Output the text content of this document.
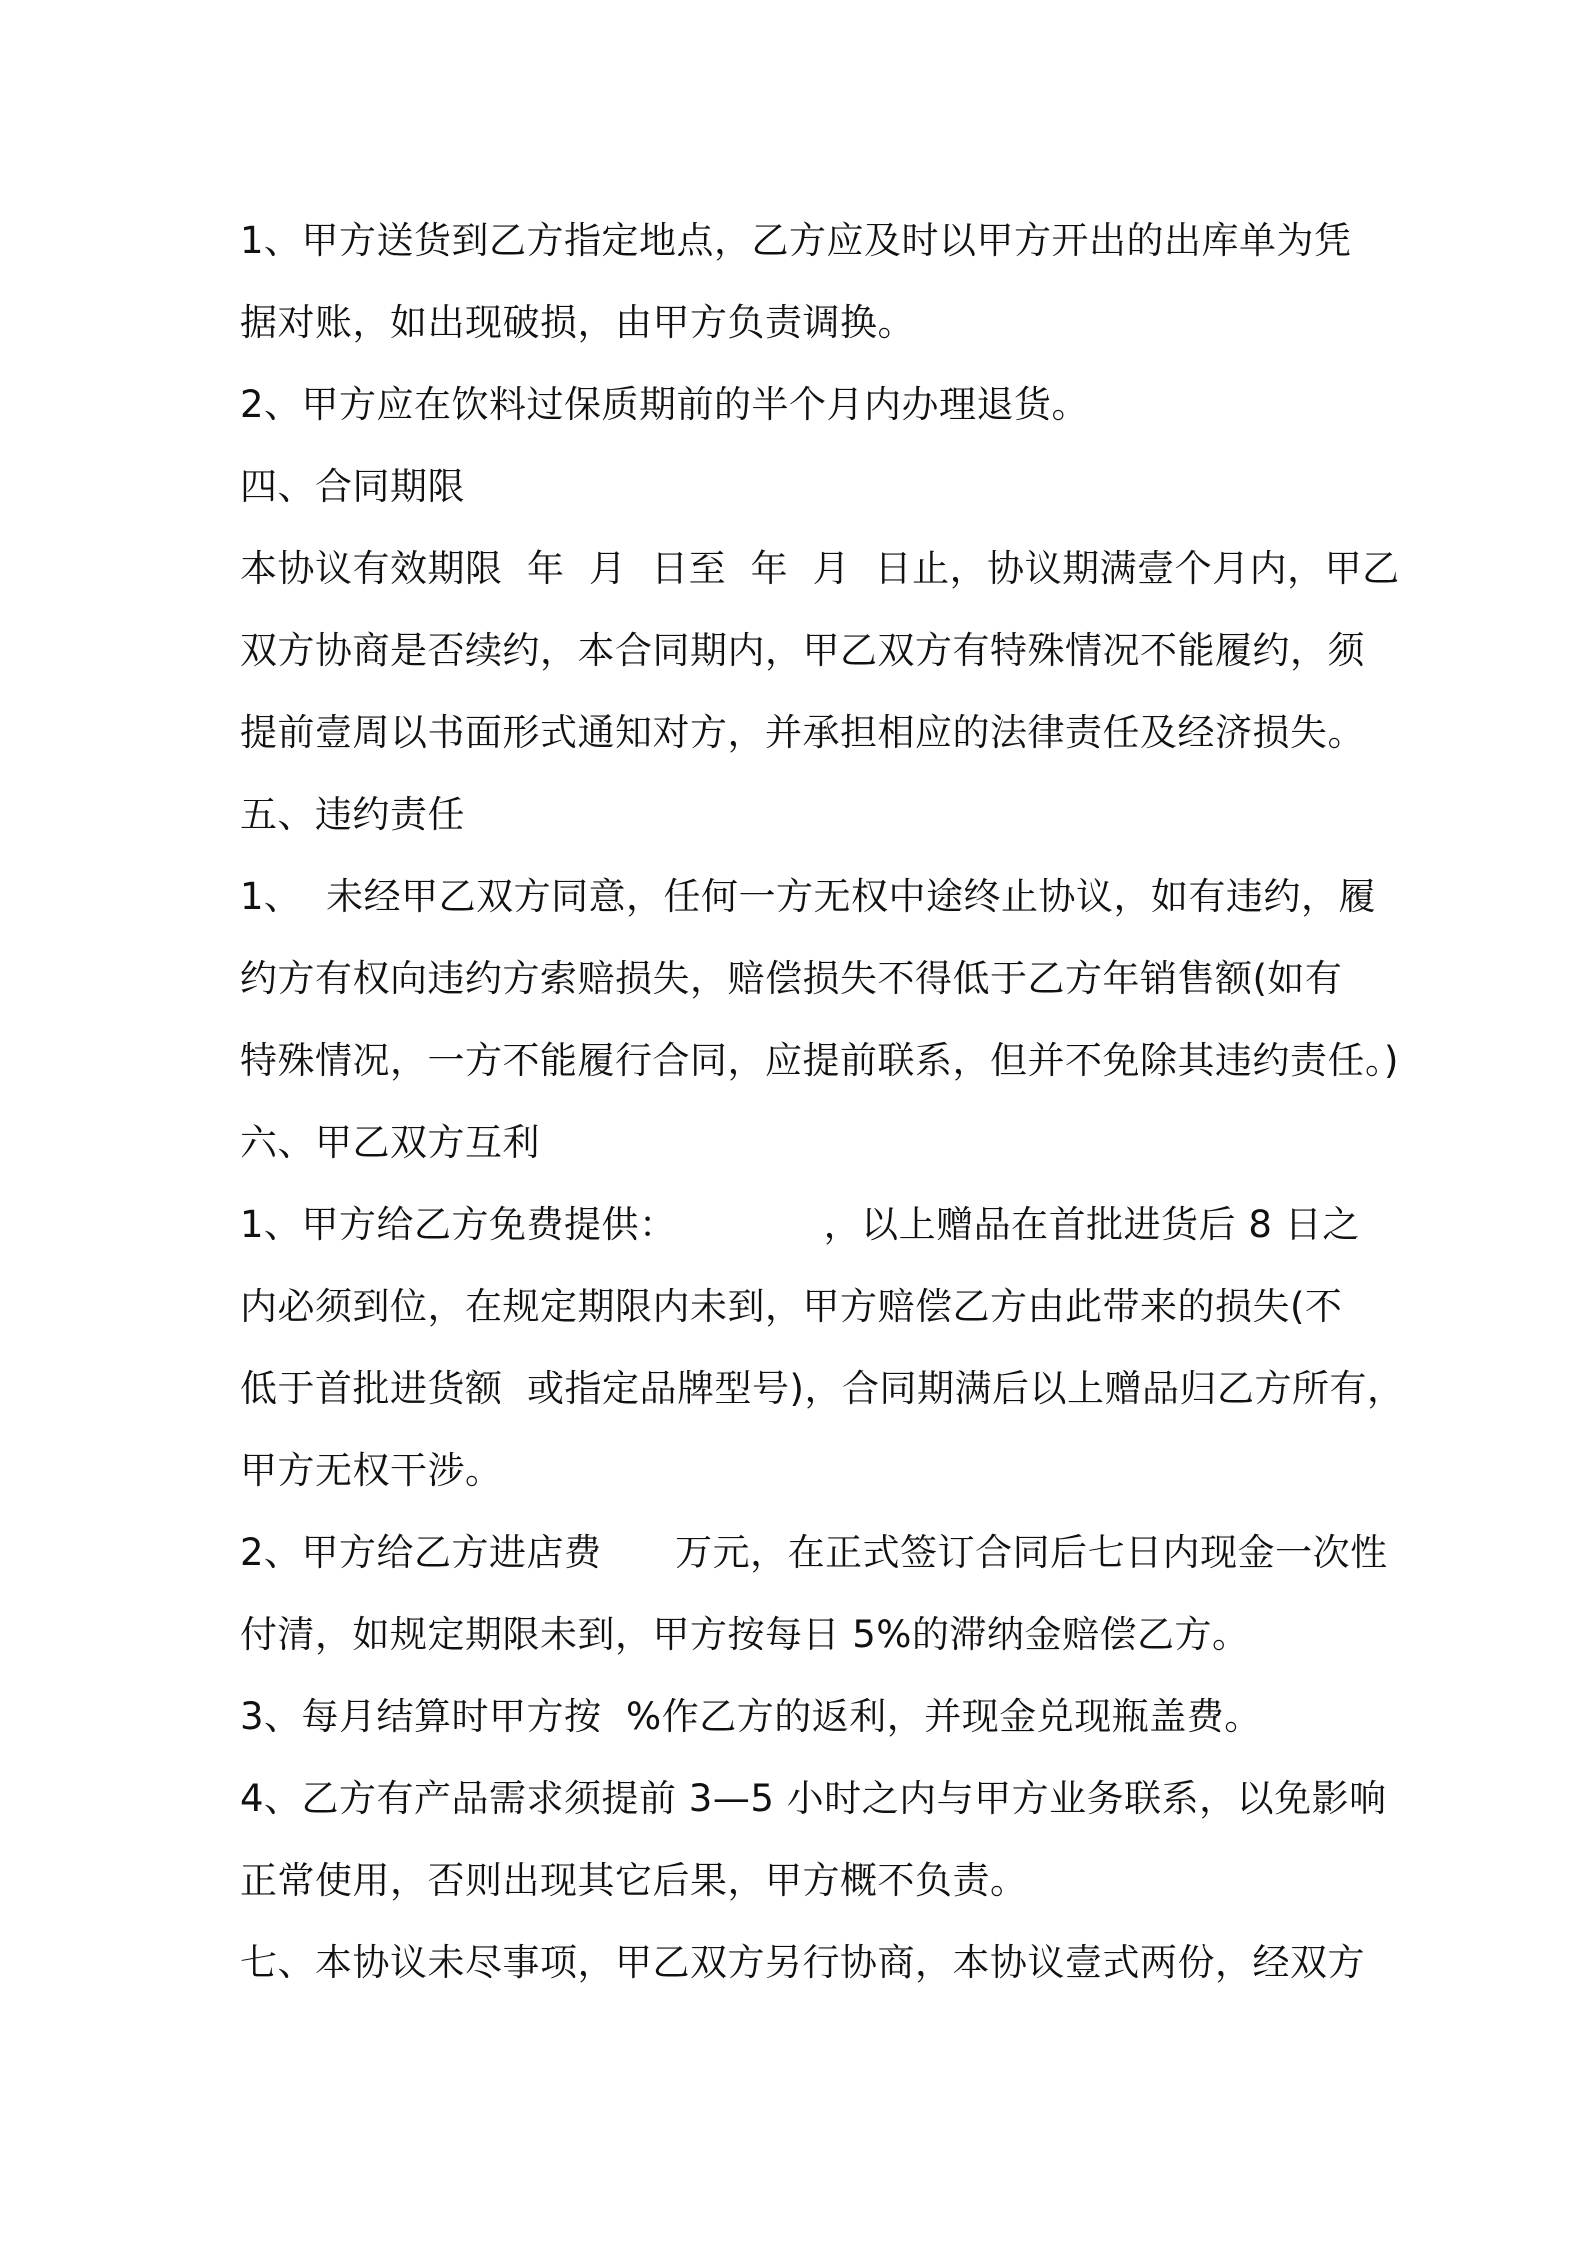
1、甲方送货到乙方指定地点，乙方应及时以甲方开出的出库单为凭
据对账，如出现破损，由甲方负责调换。
2、甲方应在饮料过保质期前的半个月内办理退货。
四、合同期限
本协议有效期限  年  月  日至  年  月  日止，协议期满壹个月内，甲乙
双方协商是否续约，本合同期内，甲乙双方有特殊情况不能履约，须
提前壹周以书面形式通知对方，并承担相应的法律责任及经济损失。
五、违约责任
1、  未经甲乙双方同意，任何一方无权中途终止协议，如有违约，履
约方有权向违约方索赔损失，赔偿损失不得低于乙方年销售额(如有
特殊情况，一方不能履行合同，应提前联系，但并不免除其违约责任。)
六、甲乙双方互利
1、甲方给乙方免费提供：            ，以上赠品在首批进货后 8 日之
内必须到位，在规定期限内未到，甲方赔偿乙方由此带来的损失(不
低于首批进货额  或指定品牌型号)，合同期满后以上赠品归乙方所有，
甲方无权干涉。
2、甲方给乙方进店费      万元，在正式签订合同后七日内现金一次性
付清，如规定期限未到，甲方按每日 5%的滞纳金赔偿乙方。
3、每月结算时甲方按  %作乙方的返利，并现金兑现瓶盖费。
4、乙方有产品需求须提前 3—5 小时之内与甲方业务联系，以免影响
正常使用，否则出现其它后果，甲方概不负责。
七、本协议未尽事项，甲乙双方另行协商，本协议壹式两份，经双方
